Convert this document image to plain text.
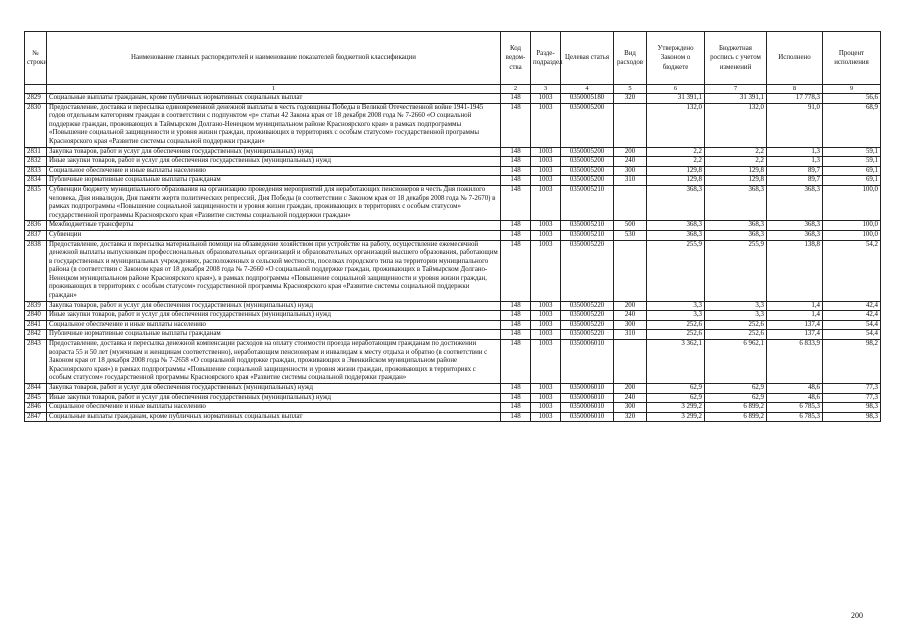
№ строки	Наименование главных распорядителей и наименование показателей бюджетной классификации	Код ведом- ства	Разде- подраздел	Целевая статья	Вид расходов	Утверждено Законом о бюджете	Бюджетная роспись с учетом изменений	Исполнено	Процент исполнения
	1	2	3	4	5	6	7	8	9
2829	Социальные выплаты гражданам, кроме публичных нормативных социальных выплат	148	1003	0350005180	320	31 391,1	31 391,1	17 778,3	56,6
2830	Предоставление, доставка и пересылка единовременной денежной выплаты в честь годовщины Победы в Великой Отечественной войне 1941-1945 годов отдельным категориям граждан в соответствии с подпунктом «р» статьи 42 Закона края от 18 декабря 2008 года № 7-2660 «О социальной поддержке граждан, проживающих в Таймырском Долгано-Ненецком муниципальном районе Красноярского края» в рамках подпрограммы «Повышение социальной защищенности и уровня жизни граждан, проживающих в территориях с особым статусом» государственной программы Красноярского края «Развитие системы социальной поддержки граждан»	148	1003	0350005200		132,0	132,0	91,0	68,9
2831	Закупка товаров, работ и услуг для обеспечения государственных (муниципальных) нужд	148	1003	0350005200	200	2,2	2,2	1,3	59,1
2832	Иные закупки товаров, работ и услуг для обеспечения государственных (муниципальных) нужд	148	1003	0350005200	240	2,2	2,2	1,3	59,1
2833	Социальное обеспечение и иные выплаты населению	148	1003	0350005200	300	129,8	129,8	89,7	69,1
2834	Публичные нормативные социальные выплаты гражданам	148	1003	0350005200	310	129,8	129,8	89,7	69,1
2835	Субвенции бюджету муниципального образования на организацию проведения мероприятий для неработающих пенсионеров в честь Дня пожилого человека, Дня инвалидов, Дня памяти жертв политических репрессий, Дня Победы (в соответствии с Законом края от 18 декабря 2008 года № 7-2670) в рамках подпрограммы «Повышение социальной защищенности и уровня жизни граждан, проживающих в территориях с особым статусом» государственной программы Красноярского края «Развитие системы социальной поддержки граждан»	148	1003	0350005210		368,3	368,3	368,3	100,0
2836	Межбюджетные трансферты	148	1003	0350005210	500	368,3	368,3	368,3	100,0
2837	Субвенции	148	1003	0350005210	530	368,3	368,3	368,3	100,0
2838	Предоставление, доставка и пересылка материальной помощи на обзаведение хозяйством при устройстве на работу, осуществление ежемесячной денежной выплаты выпускникам профессиональных образовательных организаций и образовательных организаций высшего образования, работающим в государственных и муниципальных учреждениях, расположенных в сельской местности, поселках городского типа на территории муниципального района (в соответствии с Законом края от 18 декабря 2008 года № 7-2660 «О социальной поддержке граждан, проживающих в Таймырском Долгано-Ненецком муниципальном районе Красноярского края»), в рамках подпрограммы «Повышение социальной защищенности и уровня жизни граждан, проживающих в территориях с особым статусом» государственной программы Красноярского края «Развитие системы социальной поддержки граждан»	148	1003	0350005220		255,9	255,9	138,8	54,2
2839	Закупка товаров, работ и услуг для обеспечения государственных (муниципальных) нужд	148	1003	0350005220	200	3,3	3,3	1,4	42,4
2840	Иные закупки товаров, работ и услуг для обеспечения государственных (муниципальных) нужд	148	1003	0350005220	240	3,3	3,3	1,4	42,4
2841	Социальное обеспечение и иные выплаты населению	148	1003	0350005220	300	252,6	252,6	137,4	54,4
2842	Публичные нормативные социальные выплаты гражданам	148	1003	0350005220	310	252,6	252,6	137,4	54,4
2843	Предоставление, доставка и пересылка денежной компенсации расходов на оплату стоимости проезда неработающим гражданам по достижении возраста 55 и 50 лет (мужчинам и женщинам соответственно), неработающим пенсионерам и инвалидам к месту отдыха и обратно (в соответствии с Законом края от 18 декабря 2008 года № 7-2658 «О социальной поддержке граждан, проживающих в Эвенкийском муниципальном районе Красноярского края») в рамках подпрограммы «Повышение социальной защищенности и уровня жизни граждан, проживающих в территориях с особым статусом» государственной программы Красноярского края «Развитие системы социальной поддержки граждан»	148	1003	0350006010		3 362,1	6 962,1	6 833,9	98,2
2844	Закупка товаров, работ и услуг для обеспечения государственных (муниципальных) нужд	148	1003	0350006010	200	62,9	62,9	48,6	77,3
2845	Иные закупки товаров, работ и услуг для обеспечения государственных (муниципальных) нужд	148	1003	0350006010	240	62,9	62,9	48,6	77,3
2846	Социальное обеспечение и иные выплаты населению	148	1003	0350006010	300	3 299,2	6 899,2	6 785,3	98,3
2847	Социальные выплаты гражданам, кроме публичных нормативных социальных выплат	148	1003	0350006010	320	3 299,2	6 899,2	6 785,3	98,3
200
